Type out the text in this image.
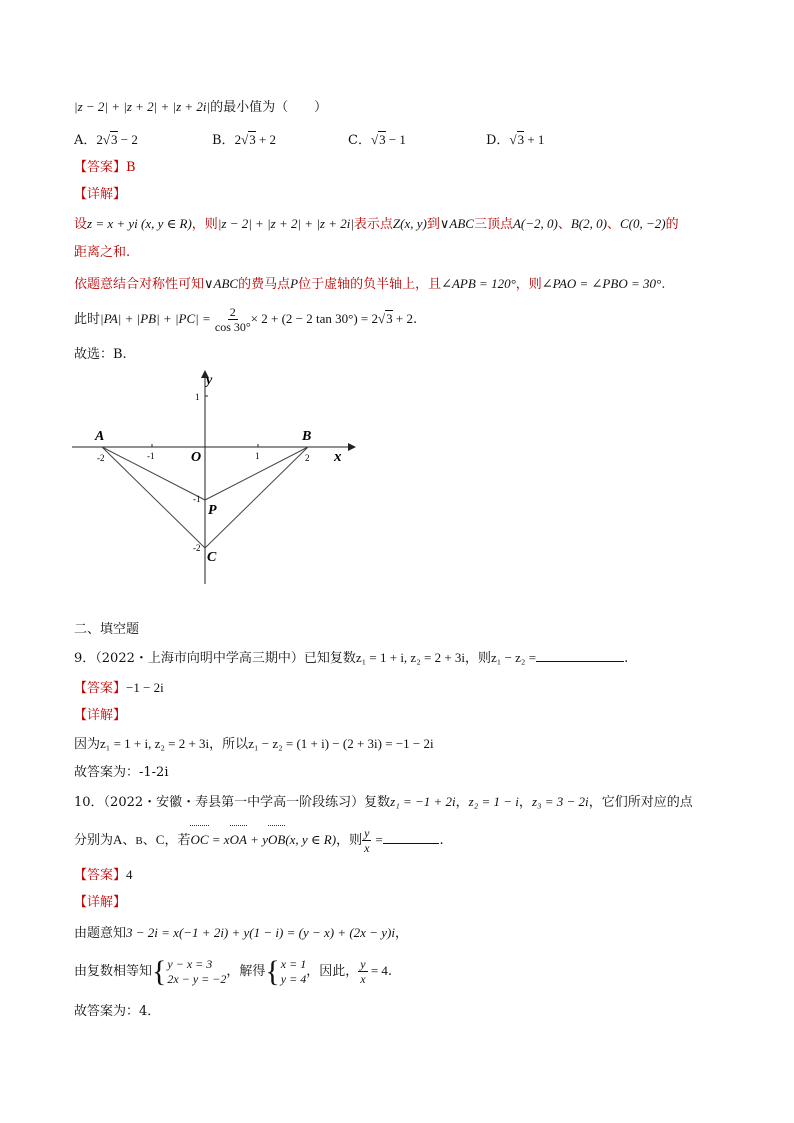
|z − 2| + |z + 2| + |z + 2i|的最小值为（　　）
A．2√3 − 2	B．2√3 + 2	C．√3 − 1	D．√3 + 1
【答案】B
【详解】
设z = x + yi (x, y ∈ R)，则|z − 2| + |z + 2| + |z + 2i|表示点Z(x, y)到∨ABC三顶点A(−2, 0)、B(2, 0)、C(0, −2)的
距离之和.
依题意结合对称性可知∨ABC的费马点P位于虚轴的负半轴上，且∠APB = 120°，则∠PAO = ∠PBO = 30°.
此时$|PA| + |PB| + |PC| = \frac{2}{\cos 30^\circ} \times 2 + (2 - 2$ tan 30°) = 2√3 + 2.
故选：B.
y
x
O
-2	-1	1	2
1
-1
-2
A	B
P
C
二、填空题
9．（2022・上海市向明中学高三期中）已知复数z₁ = 1 + i, z₂ = 2 + 3i，则z₁ − z₂ =	.
【答案】−1 − 2i
【详解】
因为z₁ = 1 + i, z₂ = 2 + 3i，所以z₁ − z₂ = (1 + i) − (2 + 3i) = −1 − 2i
故答案为：-1-2i
10．（2022・安徽・寿县第一中学高一阶段练习）复数z₁ = −1 + 2i，z₂ = 1 − i，z₃ = 3 − 2i，它们所对应的点
分别为A、B、C，若OC = xOA + yOB(x, y ∈ R)，则 $\frac{y}{x}$ =	.
【答案】4
【详解】
由题意知3 − 2i = x(−1 + 2i) + y(1 − i) = (y − x) + (2x − y)i，
由复数相等知 { y − x = 3
2x − y = −2 ，解得 { x = 1
y = 4 ，因此， $\frac{y}{x} = 4$.
故答案为：4．
